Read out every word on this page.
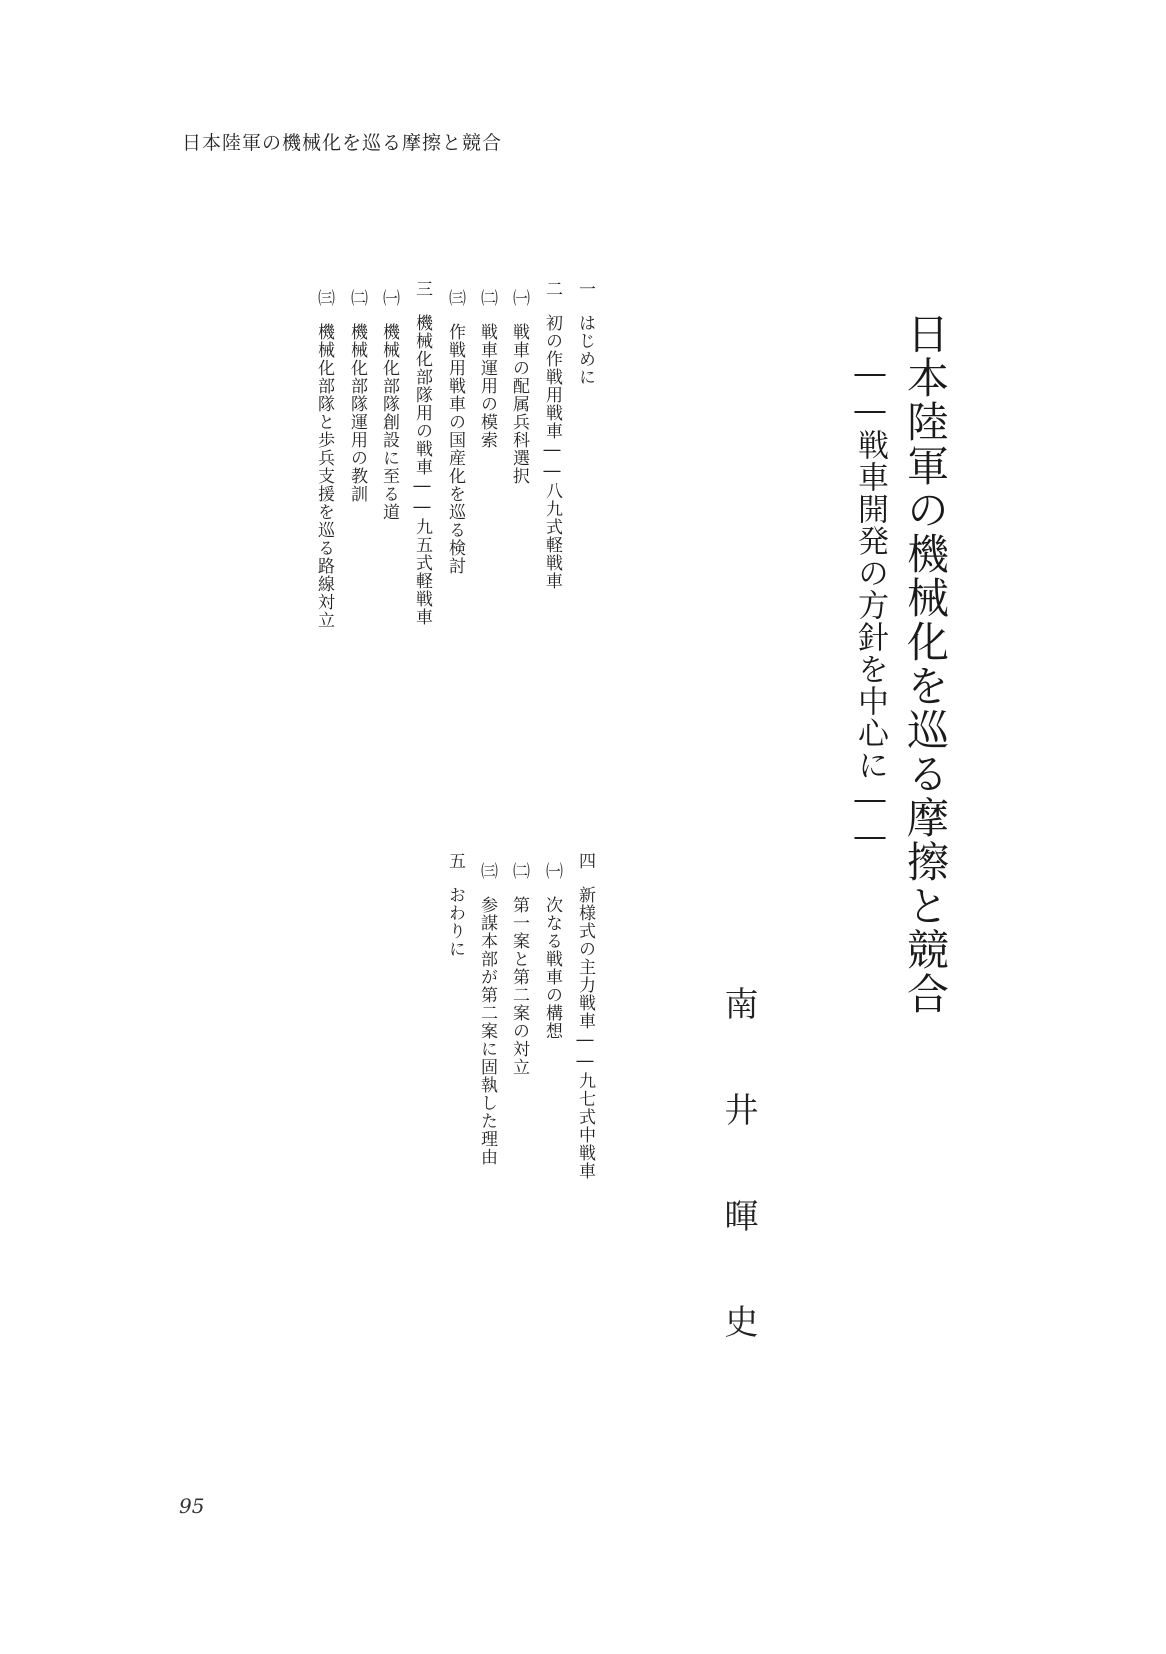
日本陸軍の機械化を巡る摩擦と競合
日本陸軍の機械化を巡る摩擦と競合
――戦車開発の方針を中心に――
南井暉史
一はじめに
二初の作戦用戦車――八九式軽戦車
㈠戦車の配属兵科選択
㈡戦車運用の模索
㈢作戦用戦車の国産化を巡る検討
三機械化部隊用の戦車――九五式軽戦車
㈠機械化部隊創設に至る道
㈡機械化部隊運用の教訓
㈢機械化部隊と歩兵支援を巡る路線対立
四新様式の主力戦車――九七式中戦車
㈠次なる戦車の構想
㈡第一案と第二案の対立
㈢参謀本部が第二案に固執した理由
五おわりに
95
